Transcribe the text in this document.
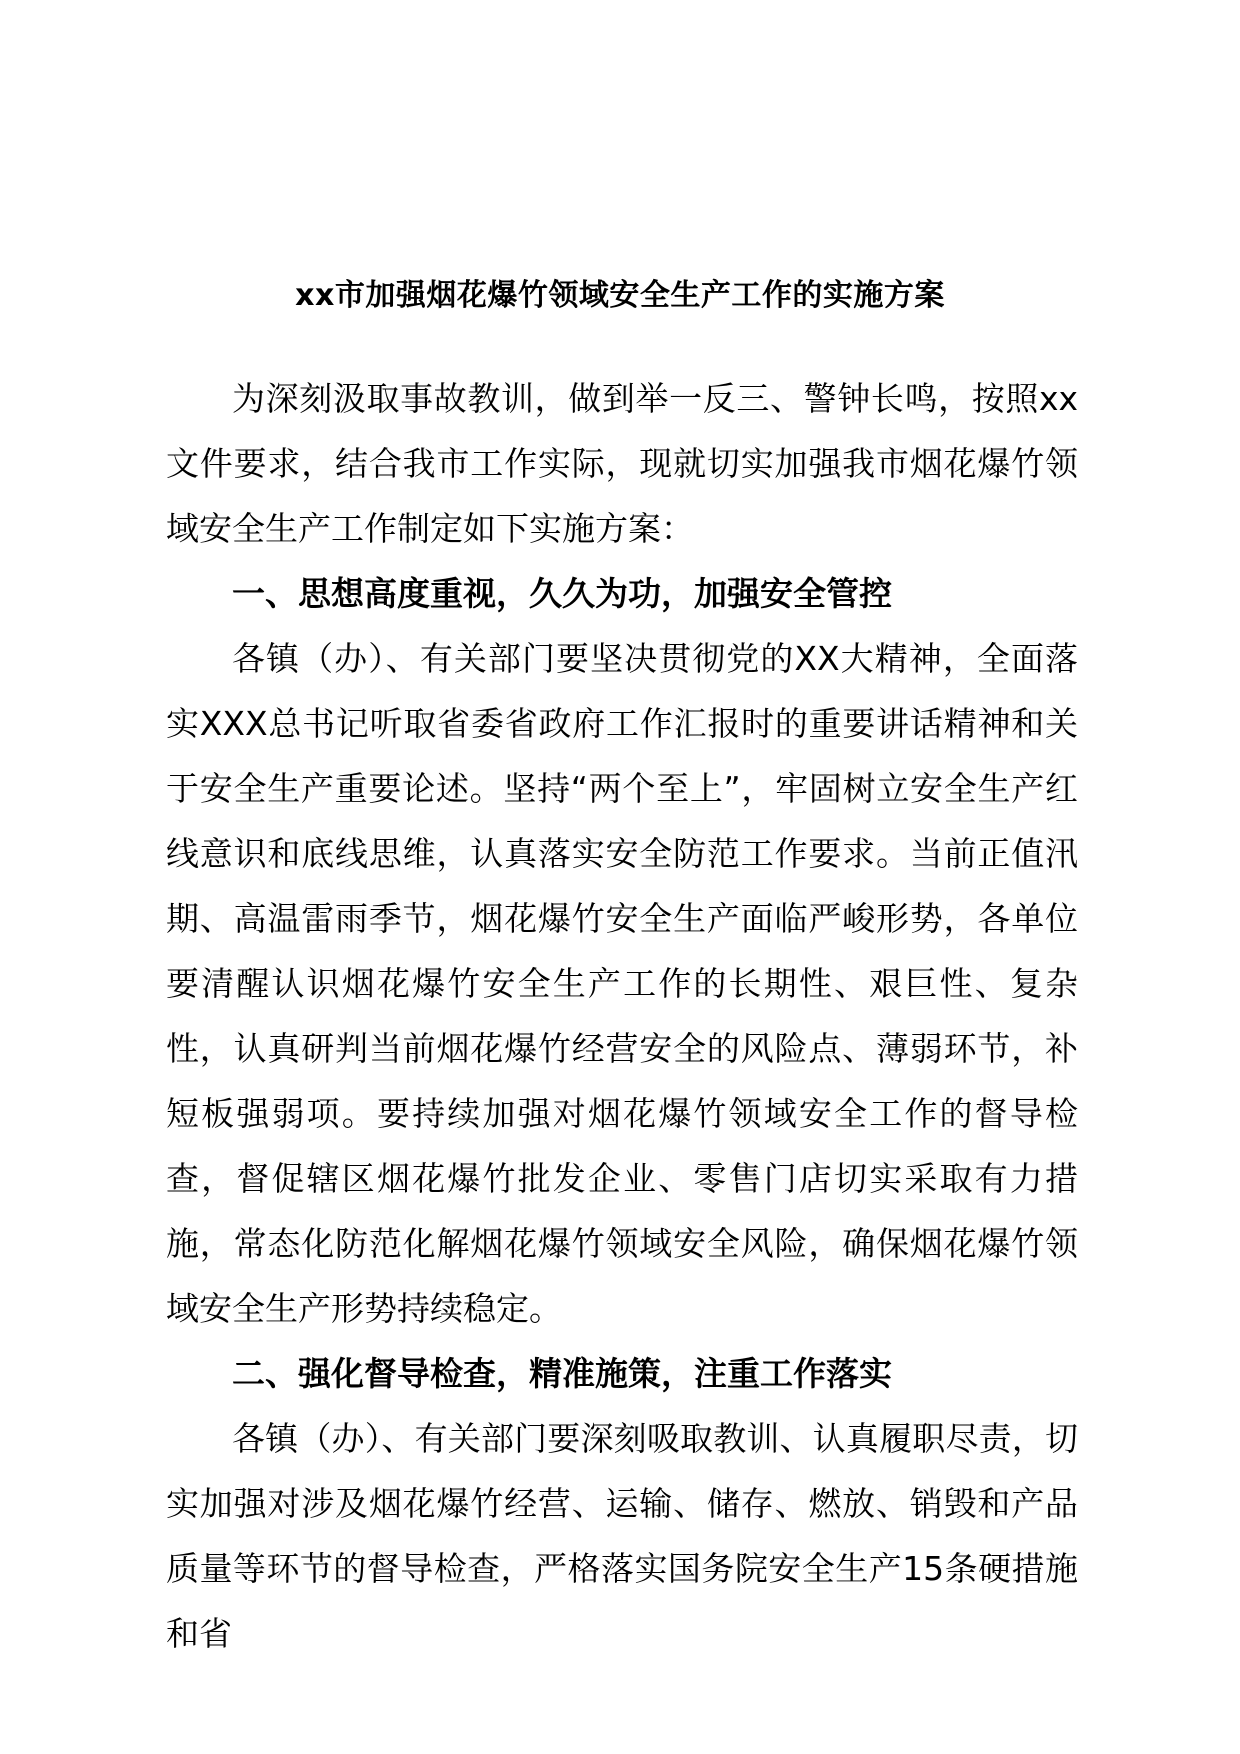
xx市加强烟花爆竹领域安全生产工作的实施方案

为深刻汲取事故教训，做到举一反三、警钟长鸣，按照xx文件要求，结合我市工作实际，现就切实加强我市烟花爆竹领域安全生产工作制定如下实施方案：

一、思想高度重视，久久为功，加强安全管控

各镇（办）、有关部门要坚决贯彻党的XX大精神，全面落实XXX总书记听取省委省政府工作汇报时的重要讲话精神和关于安全生产重要论述。坚持“两个至上”，牢固树立安全生产红线意识和底线思维，认真落实安全防范工作要求。当前正值汛期、高温雷雨季节，烟花爆竹安全生产面临严峻形势，各单位要清醒认识烟花爆竹安全生产工作的长期性、艰巨性、复杂性，认真研判当前烟花爆竹经营安全的风险点、薄弱环节，补短板强弱项。要持续加强对烟花爆竹领域安全工作的督导检查，督促辖区烟花爆竹批发企业、零售门店切实采取有力措施，常态化防范化解烟花爆竹领域安全风险，确保烟花爆竹领域安全生产形势持续稳定。

二、强化督导检查，精准施策，注重工作落实

各镇（办）、有关部门要深刻吸取教训、认真履职尽责，切实加强对涉及烟花爆竹经营、运输、储存、燃放、销毁和产品质量等环节的督导检查，严格落实国务院安全生产15条硬措施和省
